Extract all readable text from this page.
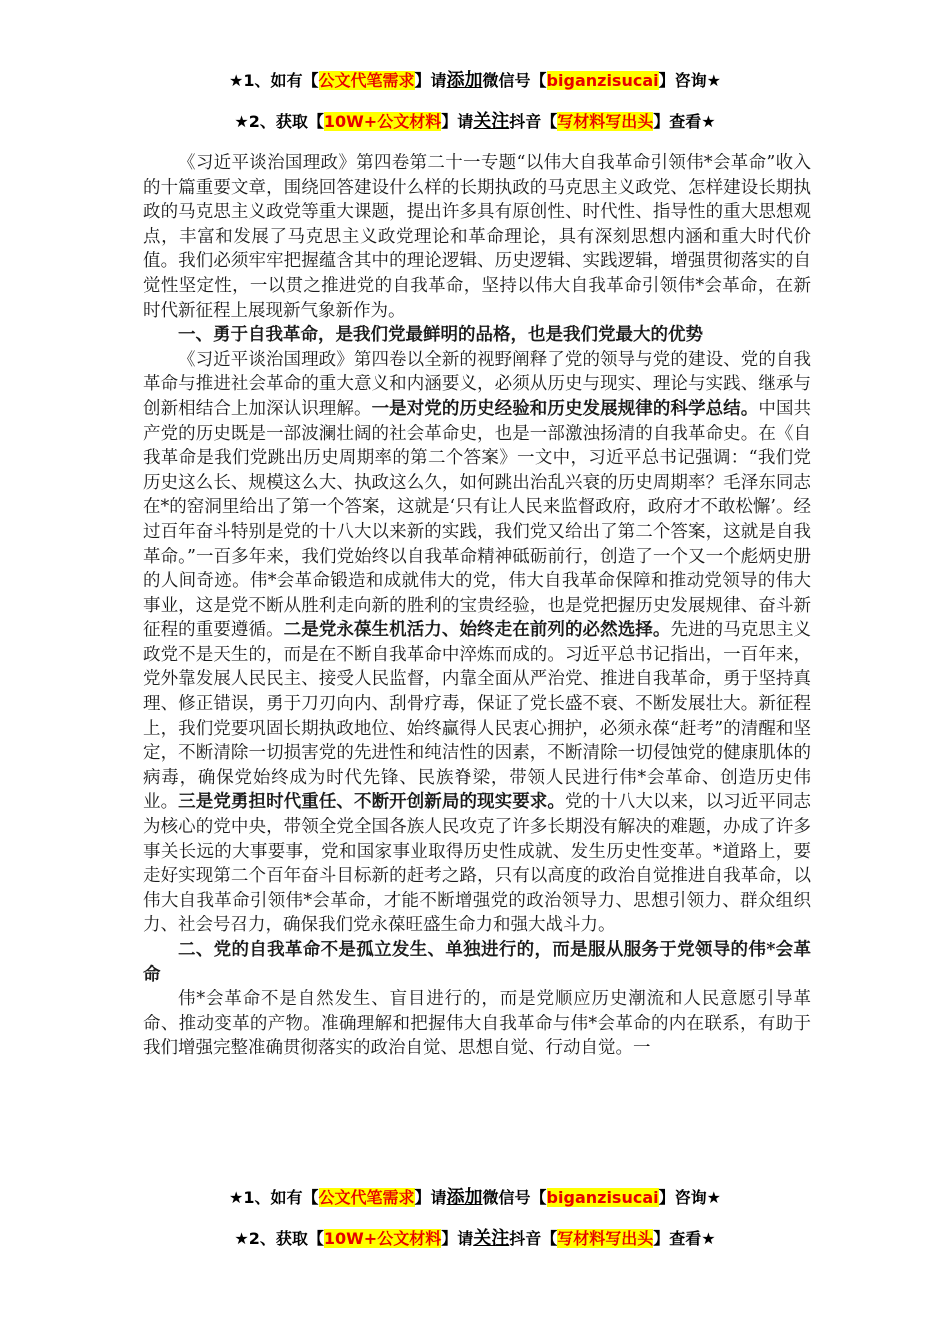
★1、如有【公文代笔需求】请添加微信号【biganzisucai】咨询★
★2、获取【10W+公文材料】请关注抖音【写材料写出头】查看★

《习近平谈治国理政》第四卷第二十一专题“以伟大自我革命引领伟*会革命”收入的十篇重要文章，围绕回答建设什么样的长期执政的马克思主义政党、怎样建设长期执政的马克思主义政党等重大课题，提出许多具有原创性、时代性、指导性的重大思想观点，丰富和发展了马克思主义政党理论和革命理论，具有深刻思想内涵和重大时代价值。我们必须牢牢把握蕴含其中的理论逻辑、历史逻辑、实践逻辑，增强贯彻落实的自觉性坚定性，一以贯之推进党的自我革命，坚持以伟大自我革命引领伟*会革命，在新时代新征程上展现新气象新作为。

一、勇于自我革命，是我们党最鲜明的品格，也是我们党最大的优势

《习近平谈治国理政》第四卷以全新的视野阐释了党的领导与党的建设、党的自我革命与推进社会革命的重大意义和内涵要义，必须从历史与现实、理论与实践、继承与创新相结合上加深认识理解。一是对党的历史经验和历史发展规律的科学总结。中国共产党的历史既是一部波澜壮阔的社会革命史，也是一部激浊扬清的自我革命史。在《自我革命是我们党跳出历史周期率的第二个答案》一文中，习近平总书记强调：“我们党历史这么长、规模这么大、执政这么久，如何跳出治乱兴衰的历史周期率？毛泽东同志在*的窑洞里给出了第一个答案，这就是‘只有让人民来监督政府，政府才不敢松懈’。经过百年奋斗特别是党的十八大以来新的实践，我们党又给出了第二个答案，这就是自我革命。”一百多年来，我们党始终以自我革命精神砥砺前行，创造了一个又一个彪炳史册的人间奇迹。伟*会革命锻造和成就伟大的党，伟大自我革命保障和推动党领导的伟大事业，这是党不断从胜利走向新的胜利的宝贵经验，也是党把握历史发展规律、奋斗新征程的重要遵循。二是党永葆生机活力、始终走在前列的必然选择。先进的马克思主义政党不是天生的，而是在不断自我革命中淬炼而成的。习近平总书记指出，一百年来，党外靠发展人民民主、接受人民监督，内靠全面从严治党、推进自我革命，勇于坚持真理、修正错误，勇于刀刃向内、刮骨疗毒，保证了党长盛不衰、不断发展壮大。新征程上，我们党要巩固长期执政地位、始终赢得人民衷心拥护，必须永葆“赶考”的清醒和坚定，不断清除一切损害党的先进性和纯洁性的因素，不断清除一切侵蚀党的健康肌体的病毒，确保党始终成为时代先锋、民族脊梁，带领人民进行伟*会革命、创造历史伟业。三是党勇担时代重任、不断开创新局的现实要求。党的十八大以来，以习近平同志为核心的党中央，带领全党全国各族人民攻克了许多长期没有解决的难题，办成了许多事关长远的大事要事，党和国家事业取得历史性成就、发生历史性变革。*道路上，要走好实现第二个百年奋斗目标新的赶考之路，只有以高度的政治自觉推进自我革命，以伟大自我革命引领伟*会革命，才能不断增强党的政治领导力、思想引领力、群众组织力、社会号召力，确保我们党永葆旺盛生命力和强大战斗力。

二、党的自我革命不是孤立发生、单独进行的，而是服从服务于党领导的伟*会革命

伟*会革命不是自然发生、盲目进行的，而是党顺应历史潮流和人民意愿引导革命、推动变革的产物。准确理解和把握伟大自我革命与伟*会革命的内在联系，有助于我们增强完整准确贯彻落实的政治自觉、思想自觉、行动自觉。一

★1、如有【公文代笔需求】请添加微信号【biganzisucai】咨询★
★2、获取【10W+公文材料】请关注抖音【写材料写出头】查看★
